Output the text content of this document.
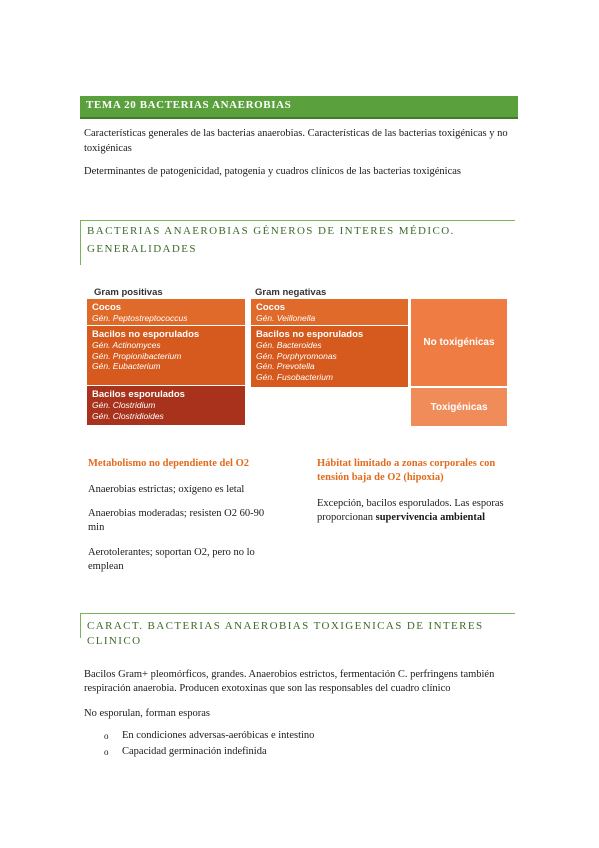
TEMA 20 BACTERIAS ANAEROBIAS
Características generales de las bacterias anaerobias. Características de las bacterias toxigénicas y no
toxigénicas
Determinantes de patogenicidad, patogenia y cuadros clínicos de las bacterias toxigénicas
BACTERIAS ANAEROBIAS GÉNEROS DE INTERES MÉDICO.
GENERALIDADES
Gram positivas	Gram negativas
Cocos
Gén. Peptostreptococcus
Bacilos no esporulados
Gén. Actinomyces
Gén. Propionibacterium
Gén. Eubacterium
Bacilos esporulados
Gén. Clostridium
Gén. Clostridioides
Cocos
Gén. Veillonella
Bacilos no esporulados
Gén. Bacteroides
Gén. Porphyromonas
Gén. Prevotella
Gén. Fusobacterium
No toxigénicas
Toxigénicas
Metabolismo no dependiente del O2
Anaerobias estrictas; oxígeno es letal
Anaerobias moderadas; resisten O2 60-90
min
Aerotolerantes; soportan O2, pero no lo
emplean
Hábitat limitado a zonas corporales con
tensión baja de O2 (hipoxia)
Excepción, bacilos esporulados. Las esporas
proporcionan supervivencia ambiental
CARACT. BACTERIAS ANAEROBIAS TOXIGENICAS DE INTERES CLINICO
Bacilos Gram+ pleomórficos, grandes. Anaerobios estrictos, fermentación C. perfringens también
respiración anaerobia. Producen exotoxinas que son las responsables del cuadro clínico
No esporulan, forman esporas
o En condiciones adversas-aeróbicas e intestino
o Capacidad germinación indefinida
